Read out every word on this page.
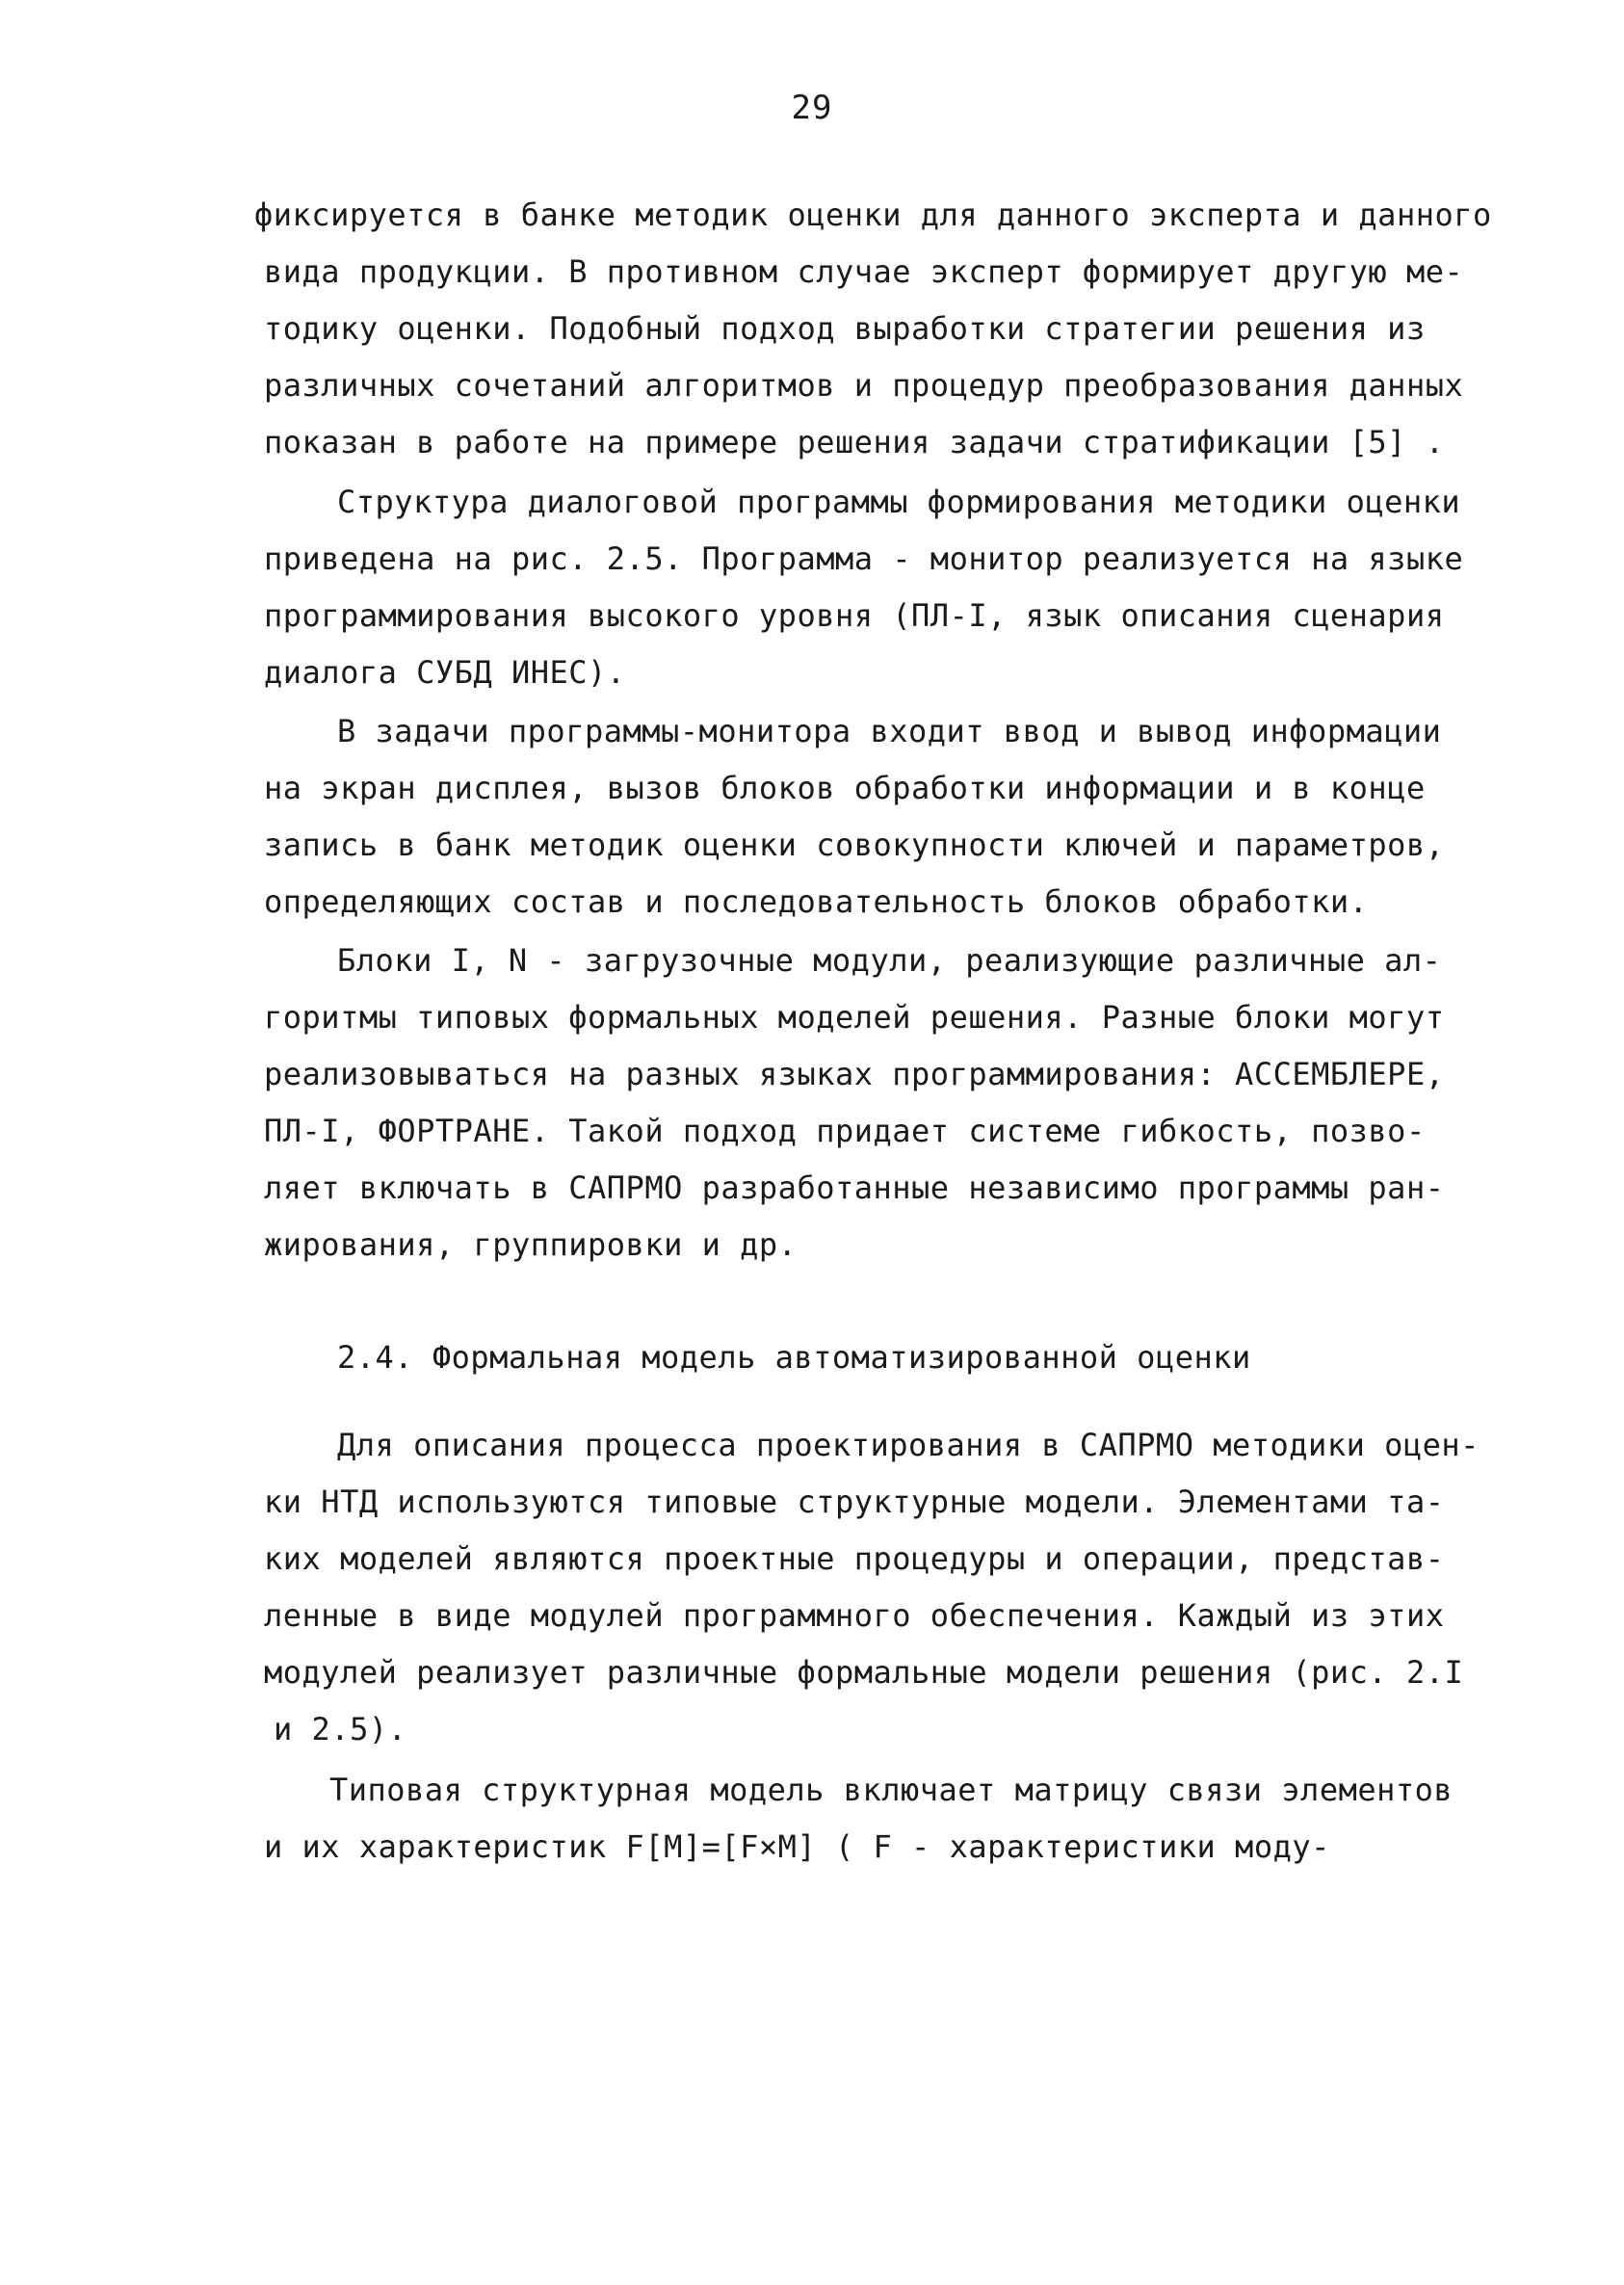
29
фиксируется в банке методик оценки для данного эксперта и данного
вида продукции. В противном случае эксперт формирует другую ме-
тодику оценки. Подобный подход выработки стратегии решения из
различных сочетаний алгоритмов и процедур преобразования данных
показан в работе на примере решения задачи стратификации [5] .
Структура диалоговой программы формирования методики оценки
приведена на рис. 2.5. Программа - монитор реализуется на языке
программирования высокого уровня (ПЛ-I, язык описания сценария
диалога СУБД ИНЕС).
В задачи программы-монитора входит ввод и вывод информации
на экран дисплея, вызов блоков обработки информации и в конце
запись в банк методик оценки совокупности ключей и параметров,
определяющих состав и последовательность блоков обработки.
Блоки I, N - загрузочные модули, реализующие различные ал-
горитмы типовых формальных моделей решения. Разные блоки могут
реализовываться на разных языках программирования: АССЕМБЛЕРЕ,
ПЛ-I, ФОРТРАНЕ. Такой подход придает системе гибкость, позво-
ляет включать в САПРМО разработанные независимо программы ран-
жирования, группировки и др.
2.4. Формальная модель автоматизированной оценки
Для описания процесса проектирования в САПРМО методики оцен-
ки НТД используются типовые структурные модели. Элементами та-
ких моделей являются проектные процедуры и операции, представ-
ленные в виде модулей программного обеспечения. Каждый из этих
модулей реализует различные формальные модели решения (рис. 2.I
и 2.5).
Типовая структурная модель включает матрицу связи элементов
и их характеристик F[M]=[F×M] ( F - характеристики моду-
